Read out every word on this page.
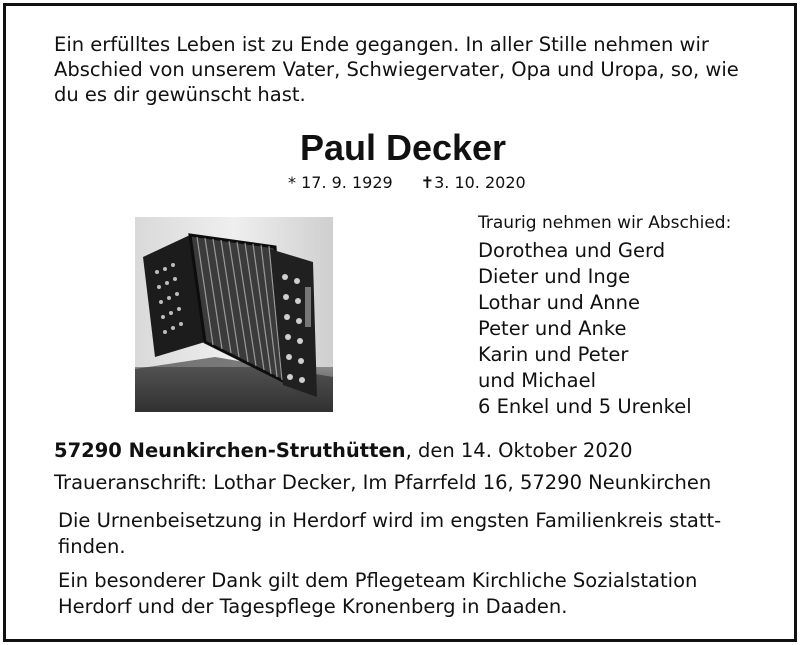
Ein erfülltes Leben ist zu Ende gegangen. In aller Stille nehmen wir
Abschied von unserem Vater, Schwiegervater, Opa und Uropa, so, wie
du es dir gewünscht hast.
Paul Decker
* 17. 9. 1929 ✝3. 10. 2020
Traurig nehmen wir Abschied:
Dorothea und Gerd
Dieter und Inge
Lothar und Anne
Peter und Anke
Karin und Peter
und Michael
6 Enkel und 5 Urenkel
57290 Neunkirchen-Struthütten, den 14. Oktober 2020
Traueranschrift: Lothar Decker, Im Pfarrfeld 16, 57290 Neunkirchen
Die Urnenbeisetzung in Herdorf wird im engsten Familienkreis statt-
finden.
Ein besonderer Dank gilt dem Pflegeteam Kirchliche Sozialstation
Herdorf und der Tagespflege Kronenberg in Daaden.
